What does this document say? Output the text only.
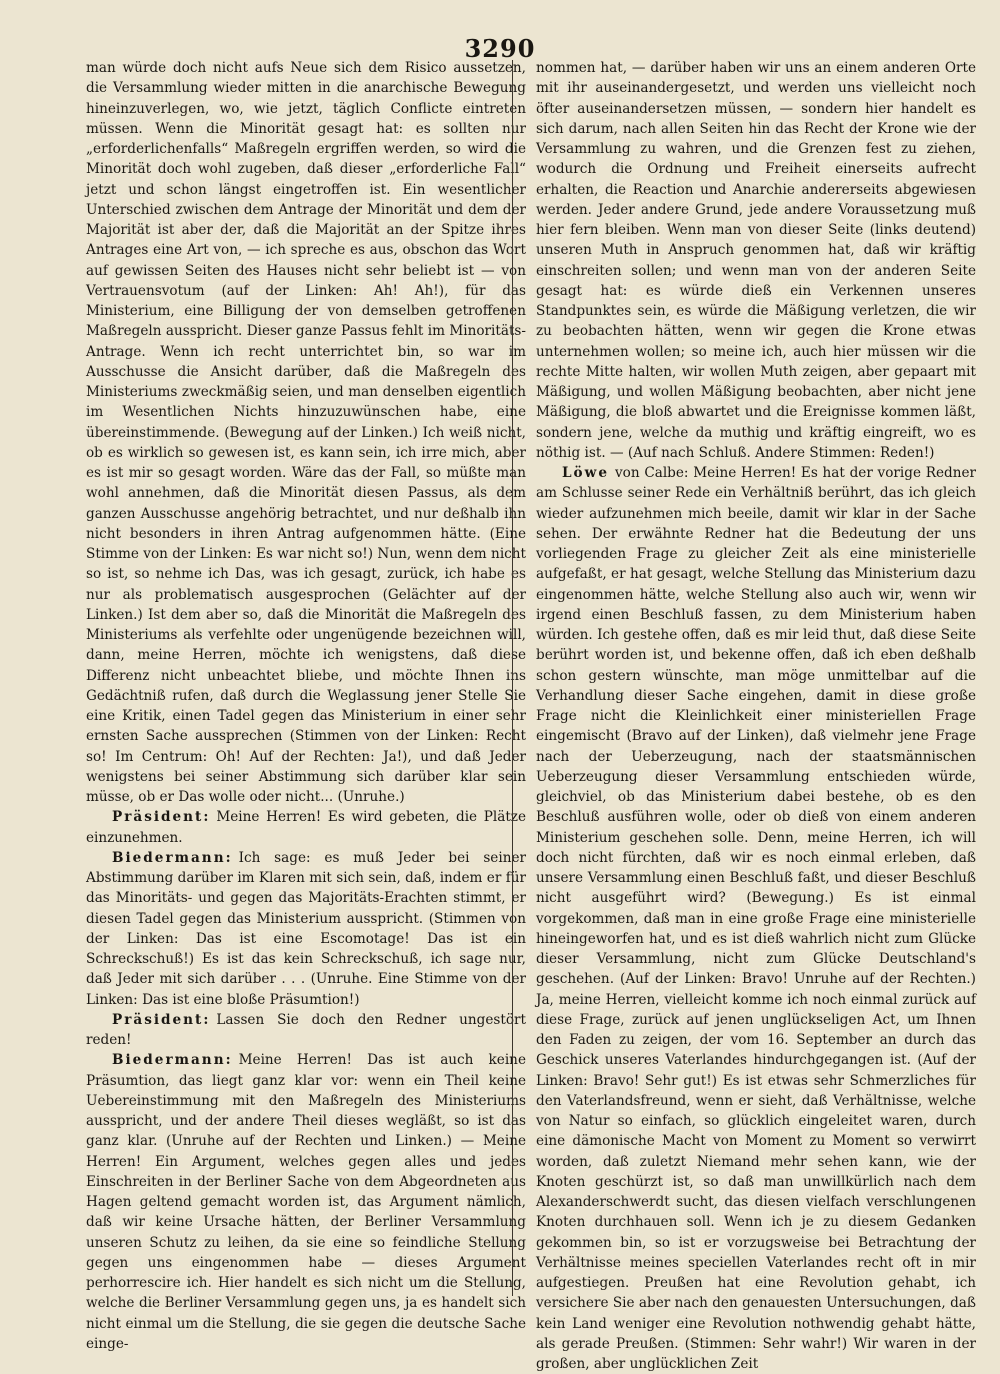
3290

man würde doch nicht aufs Neue sich dem Risico aussetzen, die Versammlung wieder mitten in die anarchische Bewegung hineinzuverlegen, wo, wie jetzt, täglich Conflicte eintreten müssen. Wenn die Minorität gesagt hat: es sollten nur „erforderlichenfalls“ Maßregeln ergriffen werden, so wird die Minorität doch wohl zugeben, daß dieser „erforderliche Fall“ jetzt und schon längst eingetroffen ist. Ein wesentlicher Unterschied zwischen dem Antrage der Minorität und dem der Majorität ist aber der, daß die Majorität an der Spitze ihres Antrages eine Art von, — ich spreche es aus, obschon das Wort auf gewissen Seiten des Hauses nicht sehr beliebt ist — von Vertrauensvotum (auf der Linken: Ah! Ah!), für das Ministerium, eine Billigung der von demselben getroffenen Maßregeln ausspricht. Dieser ganze Passus fehlt im Minoritäts-Antrage. Wenn ich recht unterrichtet bin, so war im Ausschusse die Ansicht darüber, daß die Maßregeln des Ministeriums zweckmäßig seien, und man denselben eigentlich im Wesentlichen Nichts hinzuzuwünschen habe, eine übereinstimmende. (Bewegung auf der Linken.) Ich weiß nicht, ob es wirklich so gewesen ist, es kann sein, ich irre mich, aber es ist mir so gesagt worden. Wäre das der Fall, so müßte man wohl annehmen, daß die Minorität diesen Passus, als dem ganzen Ausschusse angehörig betrachtet, und nur deßhalb ihn nicht besonders in ihren Antrag aufgenommen hätte. (Eine Stimme von der Linken: Es war nicht so!) Nun, wenn dem nicht so ist, so nehme ich Das, was ich gesagt, zurück, ich habe es nur als problematisch ausgesprochen (Gelächter auf der Linken.) Ist dem aber so, daß die Minorität die Maßregeln des Ministeriums als verfehlte oder ungenügende bezeichnen will, dann, meine Herren, möchte ich wenigstens, daß diese Differenz nicht unbeachtet bliebe, und möchte Ihnen ins Gedächtniß rufen, daß durch die Weglassung jener Stelle Sie eine Kritik, einen Tadel gegen das Ministerium in einer sehr ernsten Sache aussprechen (Stimmen von der Linken: Recht so! Im Centrum: Oh! Auf der Rechten: Ja!), und daß Jeder wenigstens bei seiner Abstimmung sich darüber klar sein müsse, ob er Das wolle oder nicht... (Unruhe.)

Präsident: Meine Herren! Es wird gebeten, die Plätze einzunehmen.

Biedermann: Ich sage: es muß Jeder bei seiner Abstimmung darüber im Klaren mit sich sein, daß, indem er für das Minoritäts- und gegen das Majoritäts-Erachten stimmt, er diesen Tadel gegen das Ministerium ausspricht. (Stimmen von der Linken: Das ist eine Escomotage! Das ist ein Schreckschuß!) Es ist das kein Schreckschuß, ich sage nur, daß Jeder mit sich darüber . . . (Unruhe. Eine Stimme von der Linken: Das ist eine bloße Präsumtion!)

Präsident: Lassen Sie doch den Redner ungestört reden!

Biedermann: Meine Herren! Das ist auch keine Präsumtion, das liegt ganz klar vor: wenn ein Theil keine Uebereinstimmung mit den Maßregeln des Ministeriums ausspricht, und der andere Theil dieses wegläßt, so ist das ganz klar. (Unruhe auf der Rechten und Linken.) — Meine Herren! Ein Argument, welches gegen alles und jedes Einschreiten in der Berliner Sache von dem Abgeordneten aus Hagen geltend gemacht worden ist, das Argument nämlich, daß wir keine Ursache hätten, der Berliner Versammlung unseren Schutz zu leihen, da sie eine so feindliche Stellung gegen uns eingenommen habe — dieses Argument perhorrescire ich. Hier handelt es sich nicht um die Stellung, welche die Berliner Versammlung gegen uns, ja es handelt sich nicht einmal um die Stellung, die sie gegen die deutsche Sache einge-

nommen hat, — darüber haben wir uns an einem anderen Orte mit ihr auseinandergesetzt, und werden uns vielleicht noch öfter auseinandersetzen müssen, — sondern hier handelt es sich darum, nach allen Seiten hin das Recht der Krone wie der Versammlung zu wahren, und die Grenzen fest zu ziehen, wodurch die Ordnung und Freiheit einerseits aufrecht erhalten, die Reaction und Anarchie andererseits abgewiesen werden. Jeder andere Grund, jede andere Voraussetzung muß hier fern bleiben. Wenn man von dieser Seite (links deutend) unseren Muth in Anspruch genommen hat, daß wir kräftig einschreiten sollen; und wenn man von der anderen Seite gesagt hat: es würde dieß ein Verkennen unseres Standpunktes sein, es würde die Mäßigung verletzen, die wir zu beobachten hätten, wenn wir gegen die Krone etwas unternehmen wollen; so meine ich, auch hier müssen wir die rechte Mitte halten, wir wollen Muth zeigen, aber gepaart mit Mäßigung, und wollen Mäßigung beobachten, aber nicht jene Mäßigung, die bloß abwartet und die Ereignisse kommen läßt, sondern jene, welche da muthig und kräftig eingreift, wo es nöthig ist. — (Auf nach Schluß. Andere Stimmen: Reden!)

Löwe von Calbe: Meine Herren! Es hat der vorige Redner am Schlusse seiner Rede ein Verhältniß berührt, das ich gleich wieder aufzunehmen mich beeile, damit wir klar in der Sache sehen. Der erwähnte Redner hat die Bedeutung der uns vorliegenden Frage zu gleicher Zeit als eine ministerielle aufgefaßt, er hat gesagt, welche Stellung das Ministerium dazu eingenommen hätte, welche Stellung also auch wir, wenn wir irgend einen Beschluß fassen, zu dem Ministerium haben würden. Ich gestehe offen, daß es mir leid thut, daß diese Seite berührt worden ist, und bekenne offen, daß ich eben deßhalb schon gestern wünschte, man möge unmittelbar auf die Verhandlung dieser Sache eingehen, damit in diese große Frage nicht die Kleinlichkeit einer ministeriellen Frage eingemischt (Bravo auf der Linken), daß vielmehr jene Frage nach der Ueberzeugung, nach der staatsmännischen Ueberzeugung dieser Versammlung entschieden würde, gleichviel, ob das Ministerium dabei bestehe, ob es den Beschluß ausführen wolle, oder ob dieß von einem anderen Ministerium geschehen solle. Denn, meine Herren, ich will doch nicht fürchten, daß wir es noch einmal erleben, daß unsere Versammlung einen Beschluß faßt, und dieser Beschluß nicht ausgeführt wird? (Bewegung.) Es ist einmal vorgekommen, daß man in eine große Frage eine ministerielle hineingeworfen hat, und es ist dieß wahrlich nicht zum Glücke dieser Versammlung, nicht zum Glücke Deutschland's geschehen. (Auf der Linken: Bravo! Unruhe auf der Rechten.) Ja, meine Herren, vielleicht komme ich noch einmal zurück auf diese Frage, zurück auf jenen unglückseligen Act, um Ihnen den Faden zu zeigen, der vom 16. September an durch das Geschick unseres Vaterlandes hindurchgegangen ist. (Auf der Linken: Bravo! Sehr gut!) Es ist etwas sehr Schmerzliches für den Vaterlandsfreund, wenn er sieht, daß Verhältnisse, welche von Natur so einfach, so glücklich eingeleitet waren, durch eine dämonische Macht von Moment zu Moment so verwirrt worden, daß zuletzt Niemand mehr sehen kann, wie der Knoten geschürzt ist, so daß man unwillkürlich nach dem Alexanderschwerdt sucht, das diesen vielfach verschlungenen Knoten durchhauen soll. Wenn ich je zu diesem Gedanken gekommen bin, so ist er vorzugsweise bei Betrachtung der Verhältnisse meines speciellen Vaterlandes recht oft in mir aufgestiegen. Preußen hat eine Revolution gehabt, ich versichere Sie aber nach den genauesten Untersuchungen, daß kein Land weniger eine Revolution nothwendig gehabt hätte, als gerade Preußen. (Stimmen: Sehr wahr!) Wir waren in der großen, aber unglücklichen Zeit
